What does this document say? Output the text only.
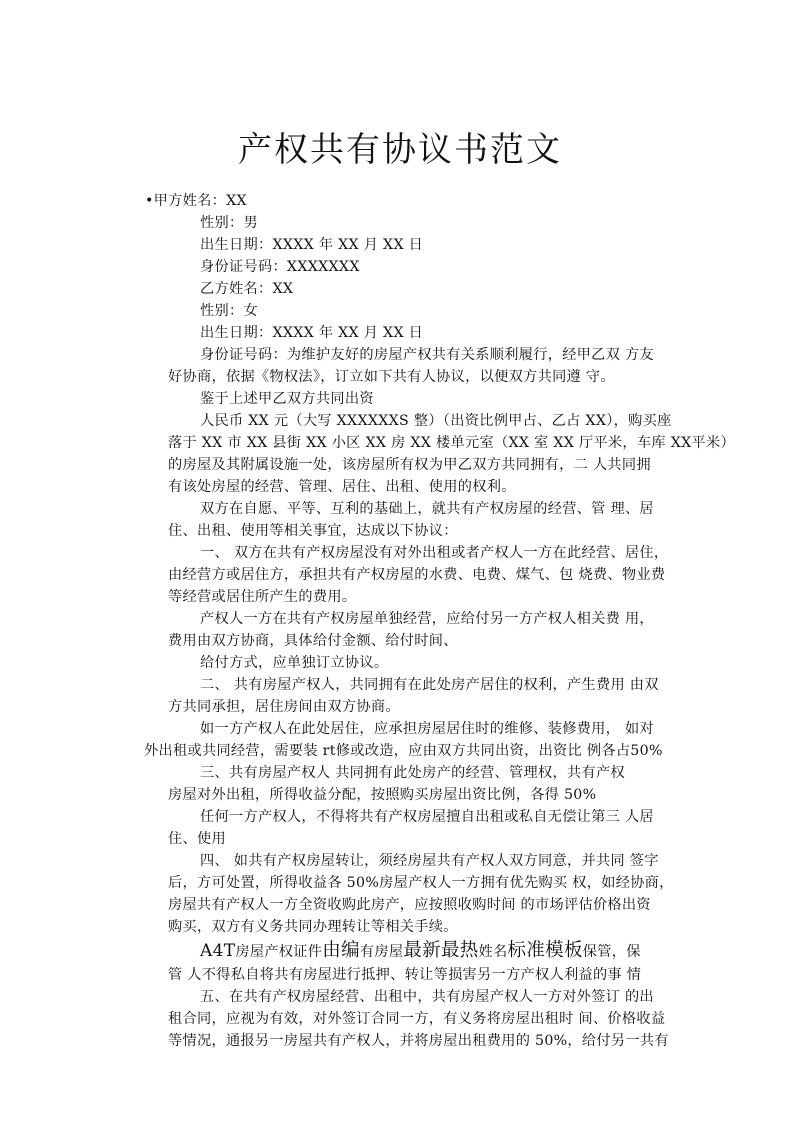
产权共有协议书范文
•甲方姓名：XX
性别：男
出生日期：XXXX 年 XX 月 XX 日
身份证号码：XXXXXXX
乙方姓名：XX
性别：女
出生日期：XXXX 年 XX 月 XX 日
身份证号码：为维护友好的房屋产权共有关系顺利履行，经甲乙双 方友
好协商，依据《物权法》，订立如下共有人协议，以便双方共同遵 守。
鉴于上述甲乙双方共同出资
人民币 XX 元（大写 XXXXXXS 整）（出资比例甲占、乙占 XX），购买座
落于 XX 市 XX 县街 XX 小区 XX 房 XX 楼单元室（XX 室 XX 厅平米，车库 XX平米）
的房屋及其附属设施一处，该房屋所有权为甲乙双方共同拥有，二 人共同拥
有该处房屋的经营、管理、居住、出租、使用的权利。
双方在自愿、平等、互利的基础上，就共有产权房屋的经营、管 理、居
住、出租、使用等相关事宜，达成以下协议：
一、 双方在共有产权房屋没有对外出租或者产权人一方在此经营、居住，
由经营方或居住方，承担共有产权房屋的水费、电费、煤气、包 烧费、物业费
等经营或居住所产生的费用。
产权人一方在共有产权房屋单独经营，应给付另一方产权人相关费 用，
费用由双方协商，具体给付金额、给付时间、
给付方式，应单独订立协议。
二、 共有房屋产权人，共同拥有在此处房产居住的权利，产生费用 由双
方共同承担，居住房间由双方协商。
如一方产权人在此处居住，应承担房屋居住时的维修、装修费用， 如对
外出租或共同经营，需要装 rt修或改造，应由双方共同出资，出资比 例各占50%
三、共有房屋产权人 共同拥有此处房产的经营、管理权，共有产权
房屋对外出租，所得收益分配，按照购买房屋出资比例，各得 50%
任何一方产权人，不得将共有产权房屋擅自出租或私自无偿让第三 人居
住、使用
四、 如共有产权房屋转让，须经房屋共有产权人双方同意，并共同 签字
后，方可处置，所得收益各 50%房屋产权人一方拥有优先购买 权，如经协商，
房屋共有产权人一方全资收购此房产，应按照收购时间 的市场评估价格出资
购买，双方有义务共同办理转让等相关手续。
A4T房屋产权证件由编有房屋最新最热姓名标准模板保管，保
管 人不得私自将共有房屋进行抵押、转让等损害另一方产权人利益的事 情
五、在共有产权房屋经营、出租中，共有房屋产权人一方对外签订 的出
租合同，应视为有效，对外签订合同一方，有义务将房屋出租时 间、价格收益
等情况，通报另一房屋共有产权人，并将房屋出租费用的 50%，给付另一共有
